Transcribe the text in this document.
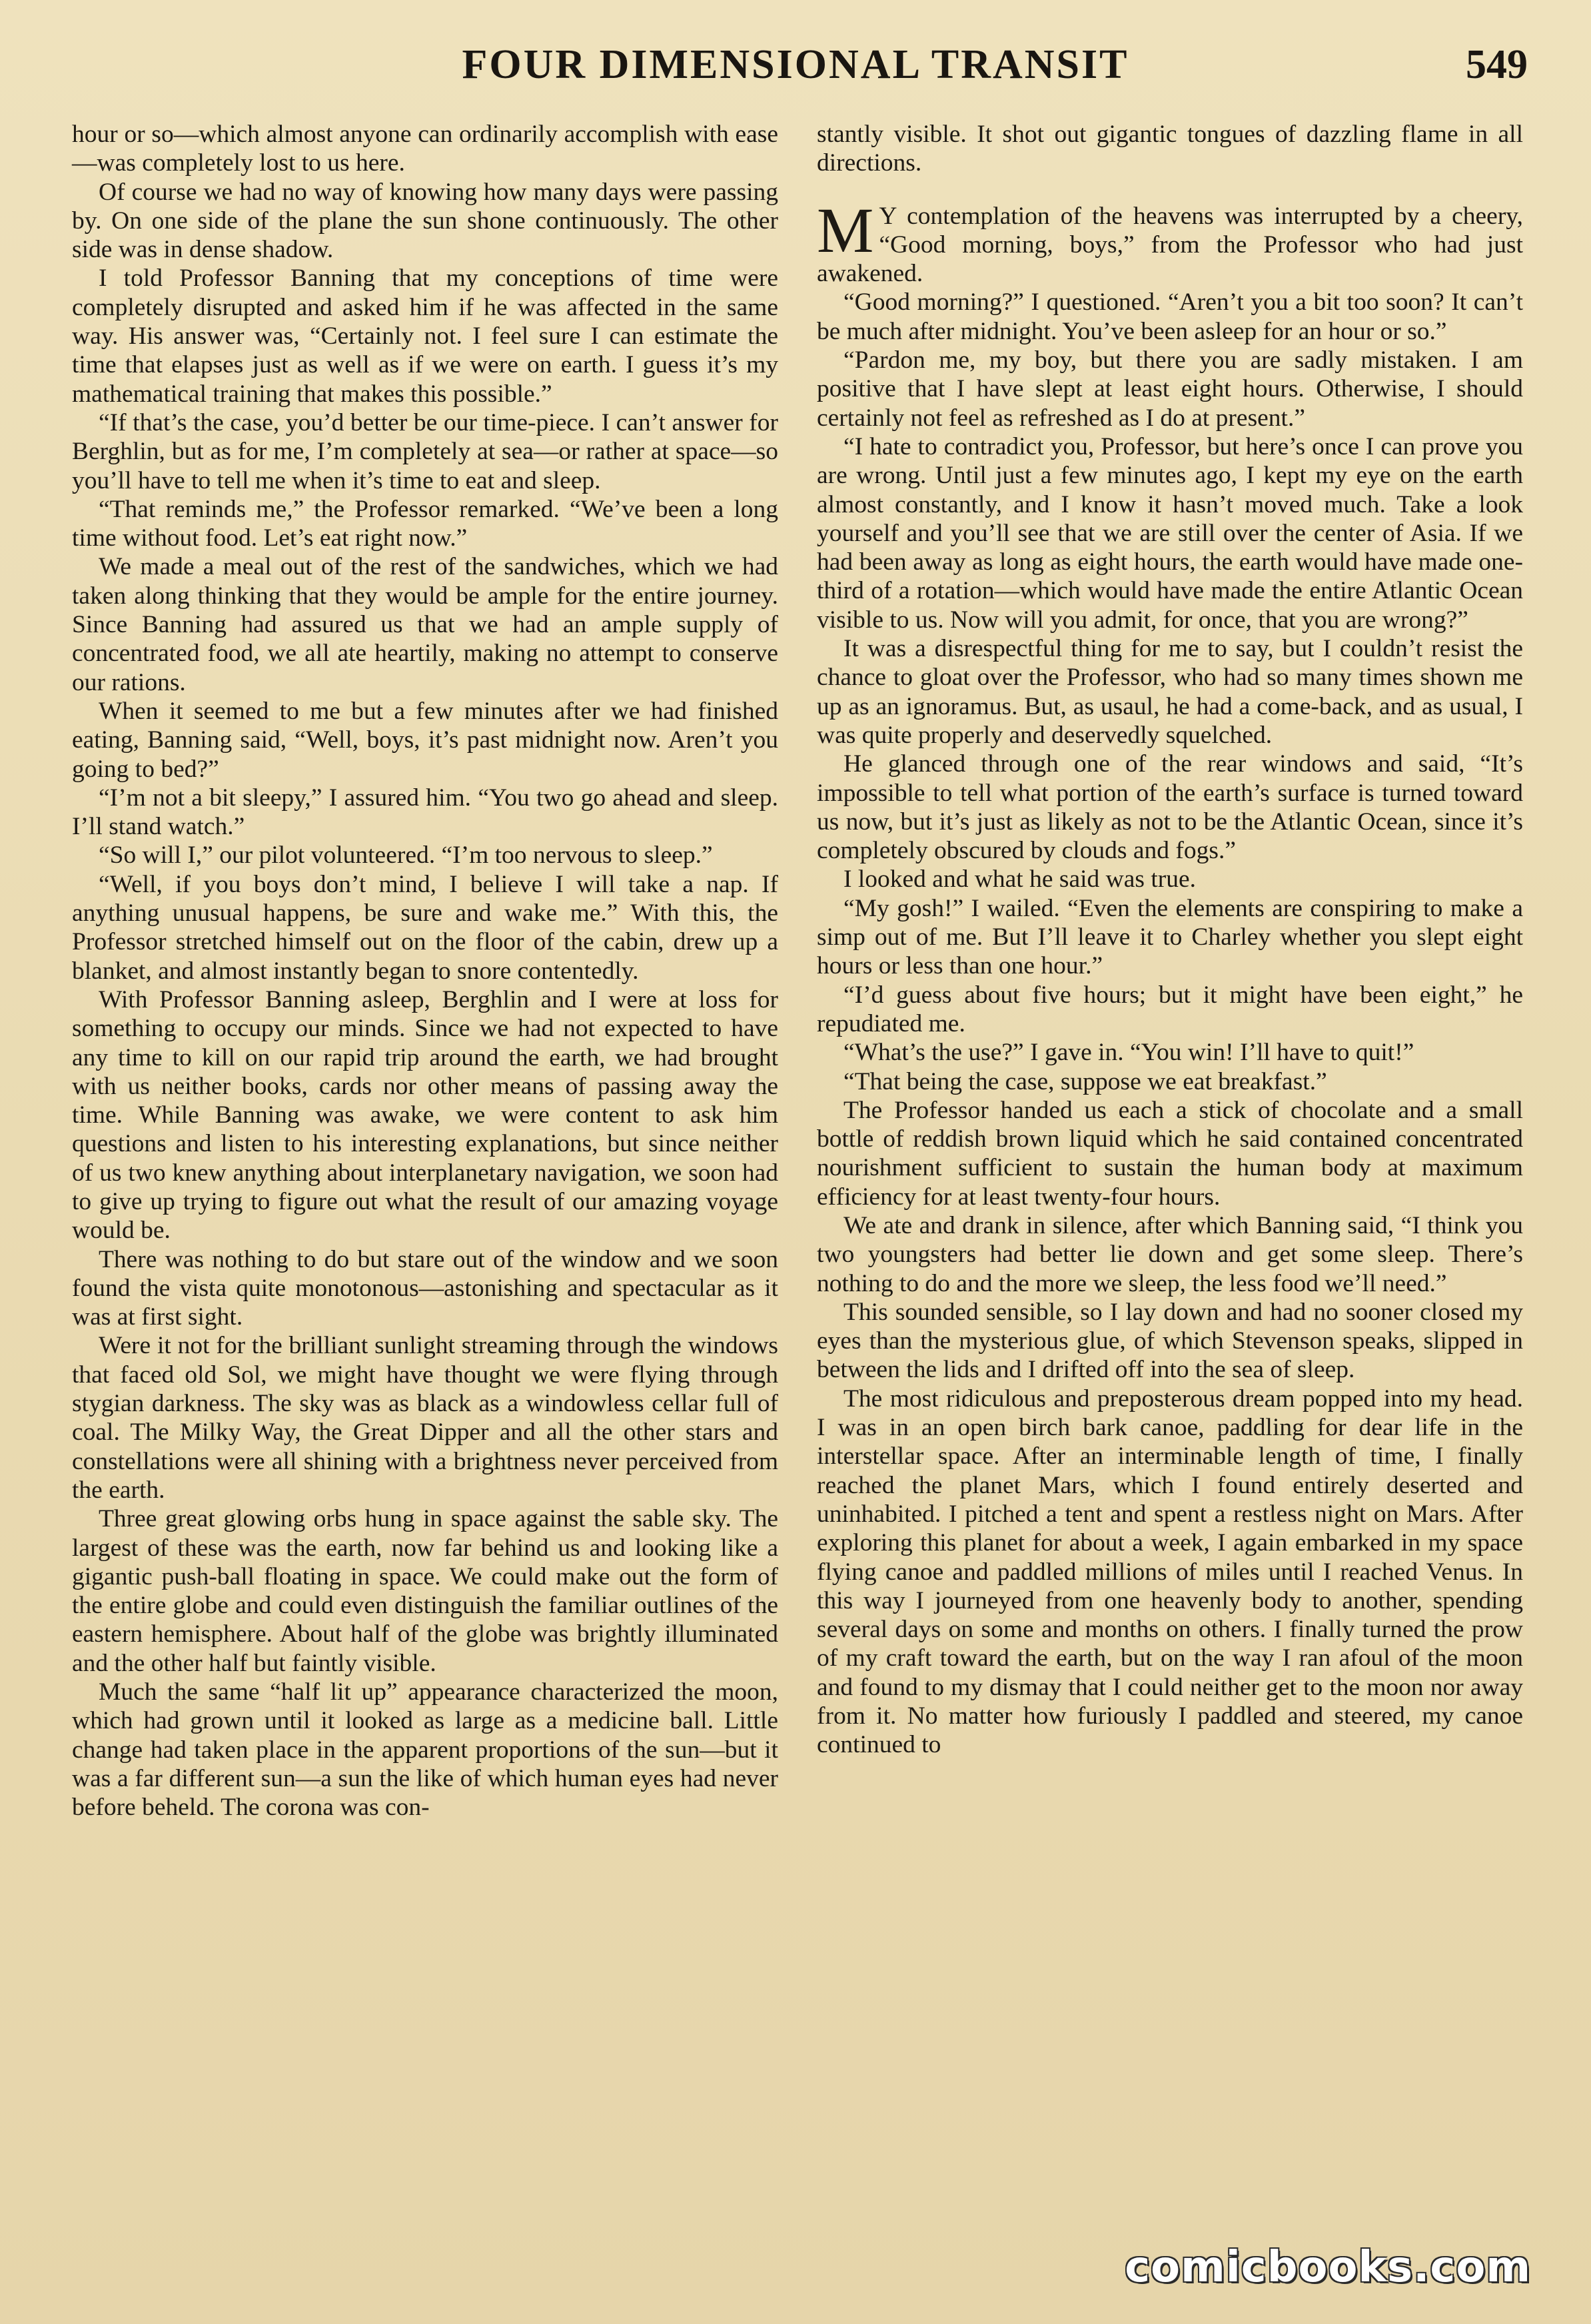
FOUR DIMENSIONAL TRANSIT	549

hour or so—which almost anyone can ordinarily accomplish with ease—was completely lost to us here.

Of course we had no way of knowing how many days were passing by. On one side of the plane the sun shone continuously. The other side was in dense shadow.

I told Professor Banning that my conceptions of time were completely disrupted and asked him if he was affected in the same way. His answer was, “Certainly not. I feel sure I can estimate the time that elapses just as well as if we were on earth. I guess it’s my mathematical training that makes this possible.”

“If that’s the case, you’d better be our time-piece. I can’t answer for Berghlin, but as for me, I’m completely at sea—or rather at space—so you’ll have to tell me when it’s time to eat and sleep.

“That reminds me,” the Professor remarked. “We’ve been a long time without food. Let’s eat right now.”

We made a meal out of the rest of the sandwiches, which we had taken along thinking that they would be ample for the entire journey. Since Banning had assured us that we had an ample supply of concentrated food, we all ate heartily, making no attempt to conserve our rations.

When it seemed to me but a few minutes after we had finished eating, Banning said, “Well, boys, it’s past midnight now. Aren’t you going to bed?”

“I’m not a bit sleepy,” I assured him. “You two go ahead and sleep. I’ll stand watch.”

“So will I,” our pilot volunteered. “I’m too nervous to sleep.”

“Well, if you boys don’t mind, I believe I will take a nap. If anything unusual happens, be sure and wake me.” With this, the Professor stretched himself out on the floor of the cabin, drew up a blanket, and almost instantly began to snore contentedly.

With Professor Banning asleep, Berghlin and I were at loss for something to occupy our minds. Since we had not expected to have any time to kill on our rapid trip around the earth, we had brought with us neither books, cards nor other means of passing away the time. While Banning was awake, we were content to ask him questions and listen to his interesting explanations, but since neither of us two knew anything about interplanetary navigation, we soon had to give up trying to figure out what the result of our amazing voyage would be.

There was nothing to do but stare out of the window and we soon found the vista quite monotonous—astonishing and spectacular as it was at first sight.

Were it not for the brilliant sunlight streaming through the windows that faced old Sol, we might have thought we were flying through stygian darkness. The sky was as black as a windowless cellar full of coal. The Milky Way, the Great Dipper and all the other stars and constellations were all shining with a brightness never perceived from the earth.

Three great glowing orbs hung in space against the sable sky. The largest of these was the earth, now far behind us and looking like a gigantic push-ball floating in space. We could make out the form of the entire globe and could even distinguish the familiar outlines of the eastern hemisphere. About half of the globe was brightly illuminated and the other half but faintly visible.

Much the same “half lit up” appearance characterized the moon, which had grown until it looked as large as a medicine ball. Little change had taken place in the apparent proportions of the sun—but it was a far different sun—a sun the like of which human eyes had never before beheld. The corona was con-

stantly visible. It shot out gigantic tongues of dazzling flame in all directions.

M Y contemplation of the heavens was interrupted by a cheery, “Good morning, boys,” from the Professor who had just awakened.

“Good morning?” I questioned. “Aren’t you a bit too soon? It can’t be much after midnight. You’ve been asleep for an hour or so.”

“Pardon me, my boy, but there you are sadly mistaken. I am positive that I have slept at least eight hours. Otherwise, I should certainly not feel as refreshed as I do at present.”

“I hate to contradict you, Professor, but here’s once I can prove you are wrong. Until just a few minutes ago, I kept my eye on the earth almost constantly, and I know it hasn’t moved much. Take a look yourself and you’ll see that we are still over the center of Asia. If we had been away as long as eight hours, the earth would have made one-third of a rotation—which would have made the entire Atlantic Ocean visible to us. Now will you admit, for once, that you are wrong?”

It was a disrespectful thing for me to say, but I couldn’t resist the chance to gloat over the Professor, who had so many times shown me up as an ignoramus. But, as usaul, he had a come-back, and as usual, I was quite properly and deservedly squelched.

He glanced through one of the rear windows and said, “It’s impossible to tell what portion of the earth’s surface is turned toward us now, but it’s just as likely as not to be the Atlantic Ocean, since it’s completely obscured by clouds and fogs.”

I looked and what he said was true.

“My gosh!” I wailed. “Even the elements are conspiring to make a simp out of me. But I’ll leave it to Charley whether you slept eight hours or less than one hour.”

“I’d guess about five hours; but it might have been eight,” he repudiated me.

“What’s the use?” I gave in. “You win! I’ll have to quit!”

“That being the case, suppose we eat breakfast.”

The Professor handed us each a stick of chocolate and a small bottle of reddish brown liquid which he said contained concentrated nourishment sufficient to sustain the human body at maximum efficiency for at least twenty-four hours.

We ate and drank in silence, after which Banning said, “I think you two youngsters had better lie down and get some sleep. There’s nothing to do and the more we sleep, the less food we’ll need.”

This sounded sensible, so I lay down and had no sooner closed my eyes than the mysterious glue, of which Stevenson speaks, slipped in between the lids and I drifted off into the sea of sleep.

The most ridiculous and preposterous dream popped into my head. I was in an open birch bark canoe, paddling for dear life in the interstellar space. After an interminable length of time, I finally reached the planet Mars, which I found entirely deserted and uninhabited. I pitched a tent and spent a restless night on Mars. After exploring this planet for about a week, I again embarked in my space flying canoe and paddled millions of miles until I reached Venus. In this way I journeyed from one heavenly body to another, spending several days on some and months on others. I finally turned the prow of my craft toward the earth, but on the way I ran afoul of the moon and found to my dismay that I could neither get to the moon nor away from it. No matter how furiously I paddled and steered, my canoe continued to

comicbooks.com
